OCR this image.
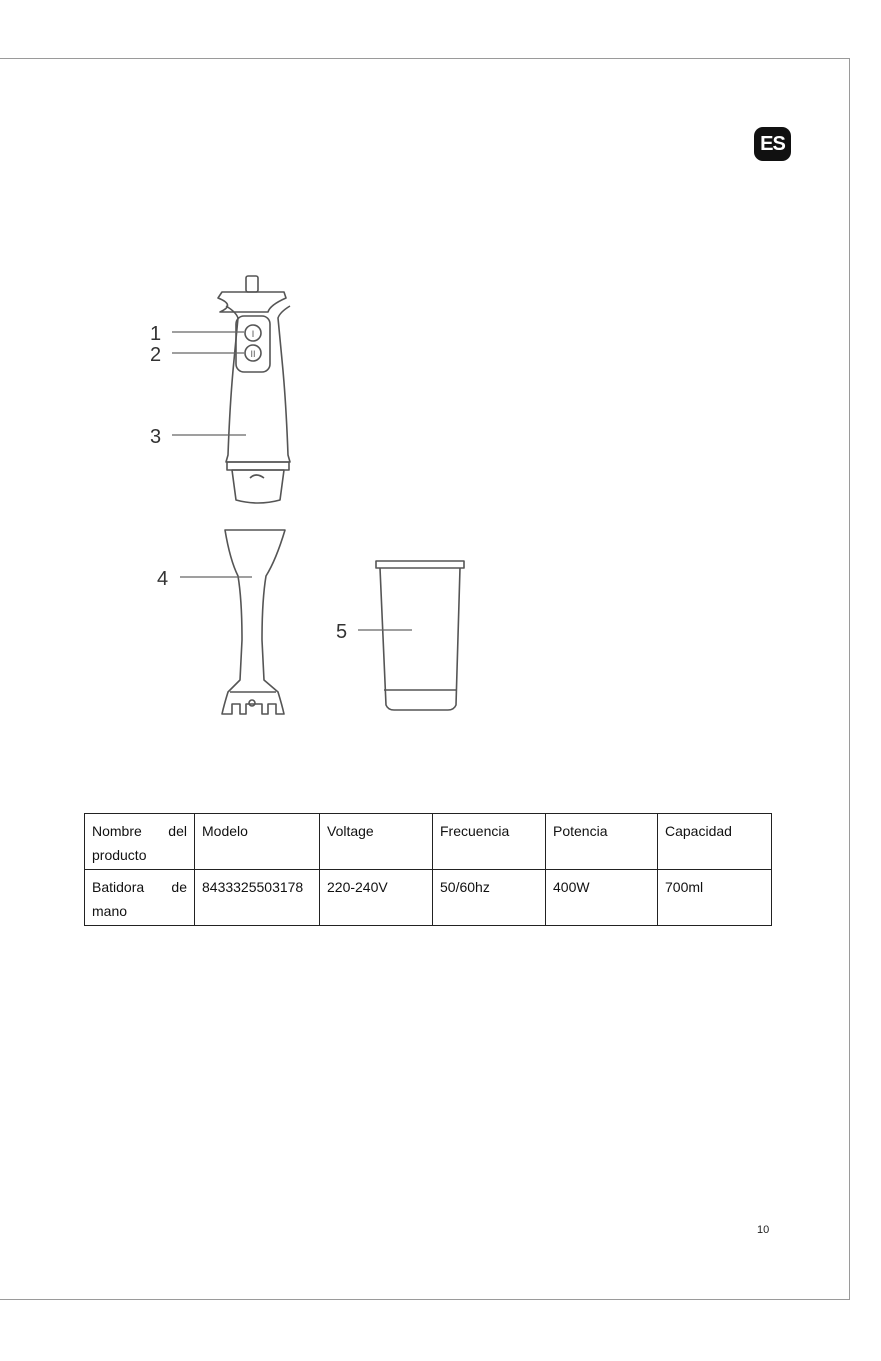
ES
I
II
1
2
3
4
5
Nombre del producto	Modelo	Voltage	Frecuencia	Potencia	Capacidad
Batidora de mano	8433325503178	220-240V	50/60hz	400W	700ml
10
